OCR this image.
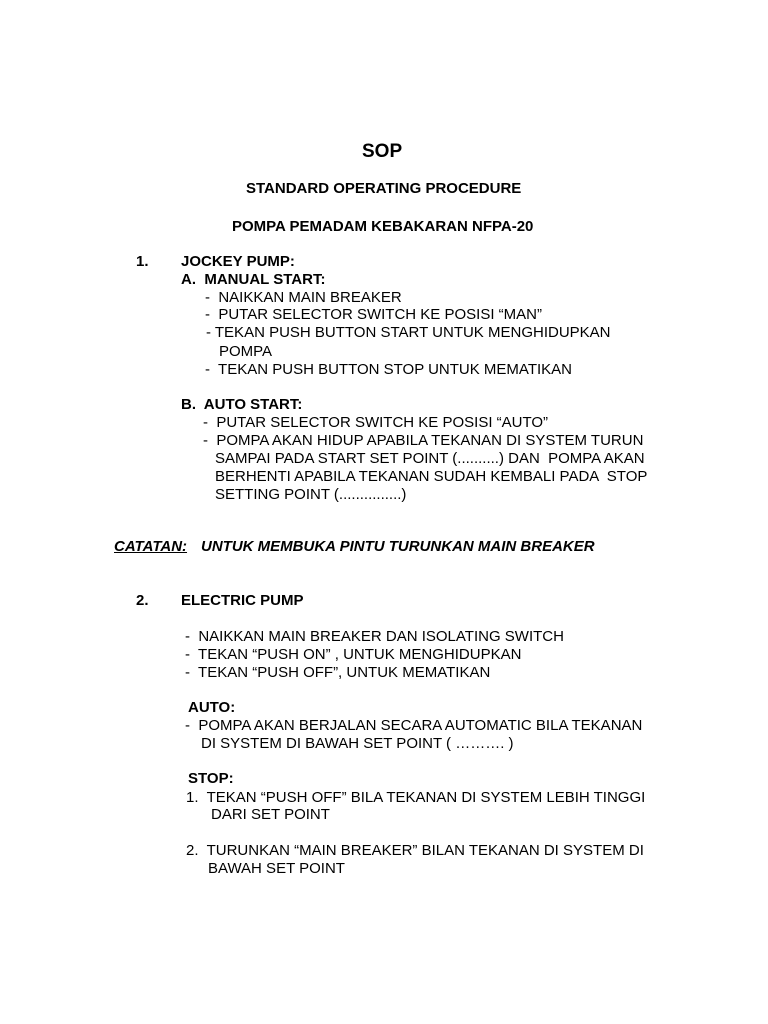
SOP
STANDARD OPERATING PROCEDURE
POMPA PEMADAM KEBAKARAN NFPA-20
1. JOCKEY PUMP:
A.  MANUAL START:
-  NAIKKAN MAIN BREAKER
-  PUTAR SELECTOR SWITCH KE POSISI “MAN”
- TEKAN PUSH BUTTON START UNTUK MENGHIDUPKAN
POMPA
-  TEKAN PUSH BUTTON STOP UNTUK MEMATIKAN
B.  AUTO START:
-  PUTAR SELECTOR SWITCH KE POSISI “AUTO”
-  POMPA AKAN HIDUP APABILA TEKANAN DI SYSTEM TURUN
SAMPAI PADA START SET POINT (..........) DAN  POMPA AKAN
BERHENTI APABILA TEKANAN SUDAH KEMBALI PADA  STOP
SETTING POINT (...............)
CATATAN: UNTUK MEMBUKA PINTU TURUNKAN MAIN BREAKER
2. ELECTRIC PUMP
-  NAIKKAN MAIN BREAKER DAN ISOLATING SWITCH
-  TEKAN “PUSH ON” , UNTUK MENGHIDUPKAN
-  TEKAN “PUSH OFF”, UNTUK MEMATIKAN
AUTO:
-  POMPA AKAN BERJALAN SECARA AUTOMATIC BILA TEKANAN
DI SYSTEM DI BAWAH SET POINT ( ………. )
STOP:
1.  TEKAN “PUSH OFF” BILA TEKANAN DI SYSTEM LEBIH TINGGI
DARI SET POINT
2.  TURUNKAN “MAIN BREAKER” BILAN TEKANAN DI SYSTEM DI
BAWAH SET POINT
